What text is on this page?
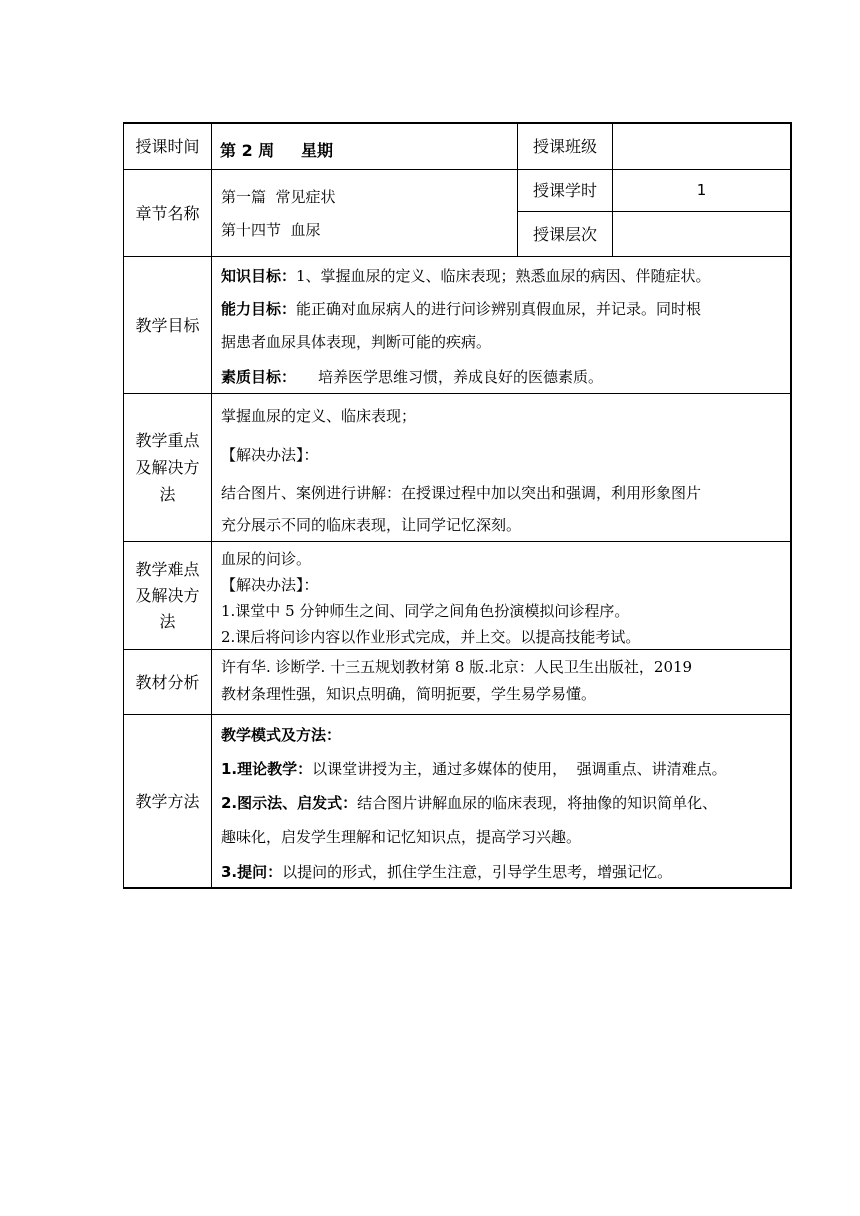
授课时间 第 2 周 星期	授课班级
章节名称
第一篇  常见症状
第十四节  血尿
授课学时	1
授课层次
教学目标
知识目标：1、掌握血尿的定义、临床表现；熟悉血尿的病因、伴随症状。
能力目标：能正确对血尿病人的进行问诊辨别真假血尿，并记录。同时根
据患者血尿具体表现，判断可能的疾病。
素质目标： 培养医学思维习惯，养成良好的医德素质。
教学重点
及解决方
法
掌握血尿的定义、临床表现；
【解决办法】：
结合图片、案例进行讲解：在授课过程中加以突出和强调，利用形象图片
充分展示不同的临床表现，让同学记忆深刻。
教学难点
及解决方
法
血尿的问诊。
【解决办法】：
1.课堂中 5 分钟师生之间、同学之间角色扮演模拟问诊程序。
2.课后将问诊内容以作业形式完成，并上交。以提高技能考试。
教材分析
许有华. 诊断学. 十三五规划教材第 8 版.北京：人民卫生出版社，2019
教材条理性强，知识点明确，简明扼要，学生易学易懂。
教学方法
教学模式及方法：
1.理论教学：以课堂讲授为主，通过多媒体的使用，  强调重点、讲清难点。
2.图示法、启发式：结合图片讲解血尿的临床表现，将抽像的知识简单化、
趣味化，启发学生理解和记忆知识点，提高学习兴趣。
3.提问：以提问的形式，抓住学生注意，引导学生思考，增强记忆。
